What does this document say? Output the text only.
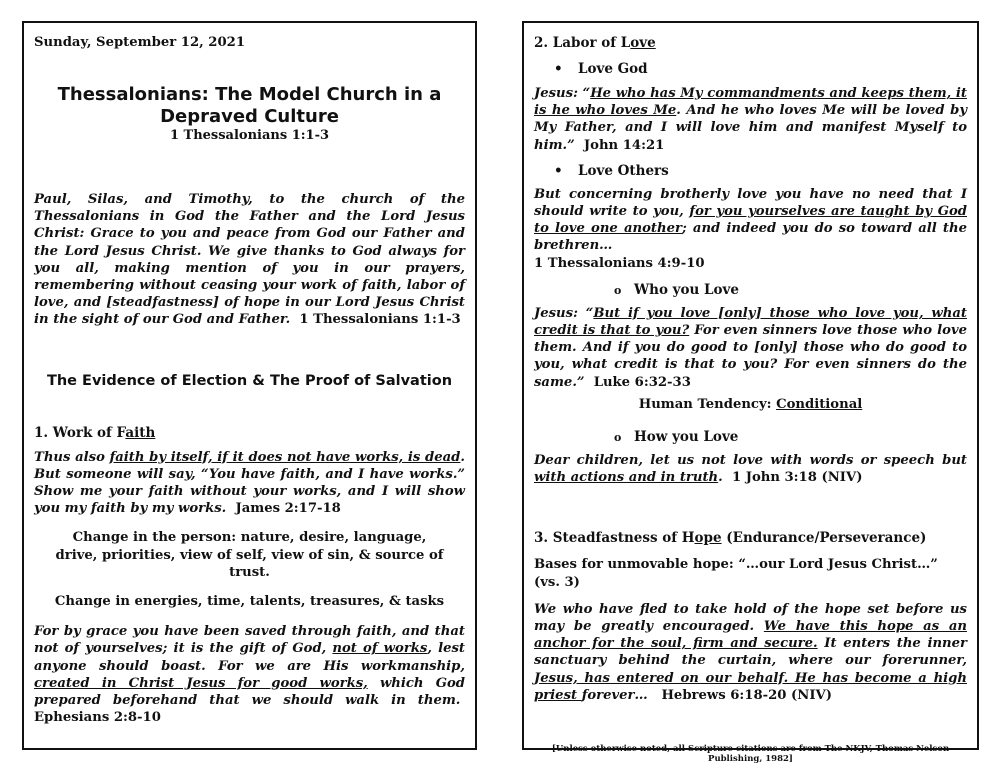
Sunday, September 12, 2021

Thessalonians: The Model Church in a
Depraved Culture

1 Thessalonians 1:1-3

Paul, Silas, and Timothy, to the church of the Thessalonians in God the Father and the Lord Jesus Christ: Grace to you and peace from God our Father and the Lord Jesus Christ. We give thanks to God always for you all, making mention of you in our prayers, remembering without ceasing your work of faith, labor of love, and [steadfastness] of hope in our Lord Jesus Christ in the sight of our God and Father. 1 Thessalonians 1:1-3

The Evidence of Election & The Proof of Salvation

1. Work of Faith

Thus also faith by itself, if it does not have works, is dead. But someone will say, “You have faith, and I have works.” Show me your faith without your works, and I will show you my faith by my works. James 2:17-18

Change in the person: nature, desire, language, drive, priorities, view of self, view of sin, & source of trust.

Change in energies, time, talents, treasures, & tasks

For by grace you have been saved through faith, and that not of yourselves; it is the gift of God, not of works, lest anyone should boast. For we are His workmanship, created in Christ Jesus for good works, which God prepared beforehand that we should walk in them.  Ephesians 2:8-10

2. Labor of Love

• Love God

Jesus: “He who has My commandments and keeps them, it is he who loves Me. And he who loves Me will be loved by My Father, and I will love him and manifest Myself to him.” John 14:21

• Love Others

But concerning brotherly love you have no need that I should write to you, for you yourselves are taught by God to love one another; and indeed you do so toward all the brethren…

1 Thessalonians 4:9-10

o Who you Love

Jesus: “But if you love [only] those who love you, what credit is that to you? For even sinners love those who love them. And if you do good to [only] those who do good to you, what credit is that to you? For even sinners do the same.” Luke 6:32-33

Human Tendency: Conditional

o How you Love

Dear children, let us not love with words or speech but with actions and in truth. 1 John 3:18 (NIV)

3. Steadfastness of Hope (Endurance/Perseverance)

Bases for unmovable hope: “…our Lord Jesus Christ…” (vs. 3)

We who have fled to take hold of the hope set before us may be greatly encouraged. We have this hope as an anchor for the soul, firm and secure. It enters the inner sanctuary behind the curtain, where our forerunner, Jesus, has entered on our behalf. He has become a high priest forever… Hebrews 6:18-20 (NIV)

[Unless otherwise noted, all Scripture citations are from The NKJV, Thomas Nelson Publishing, 1982]
